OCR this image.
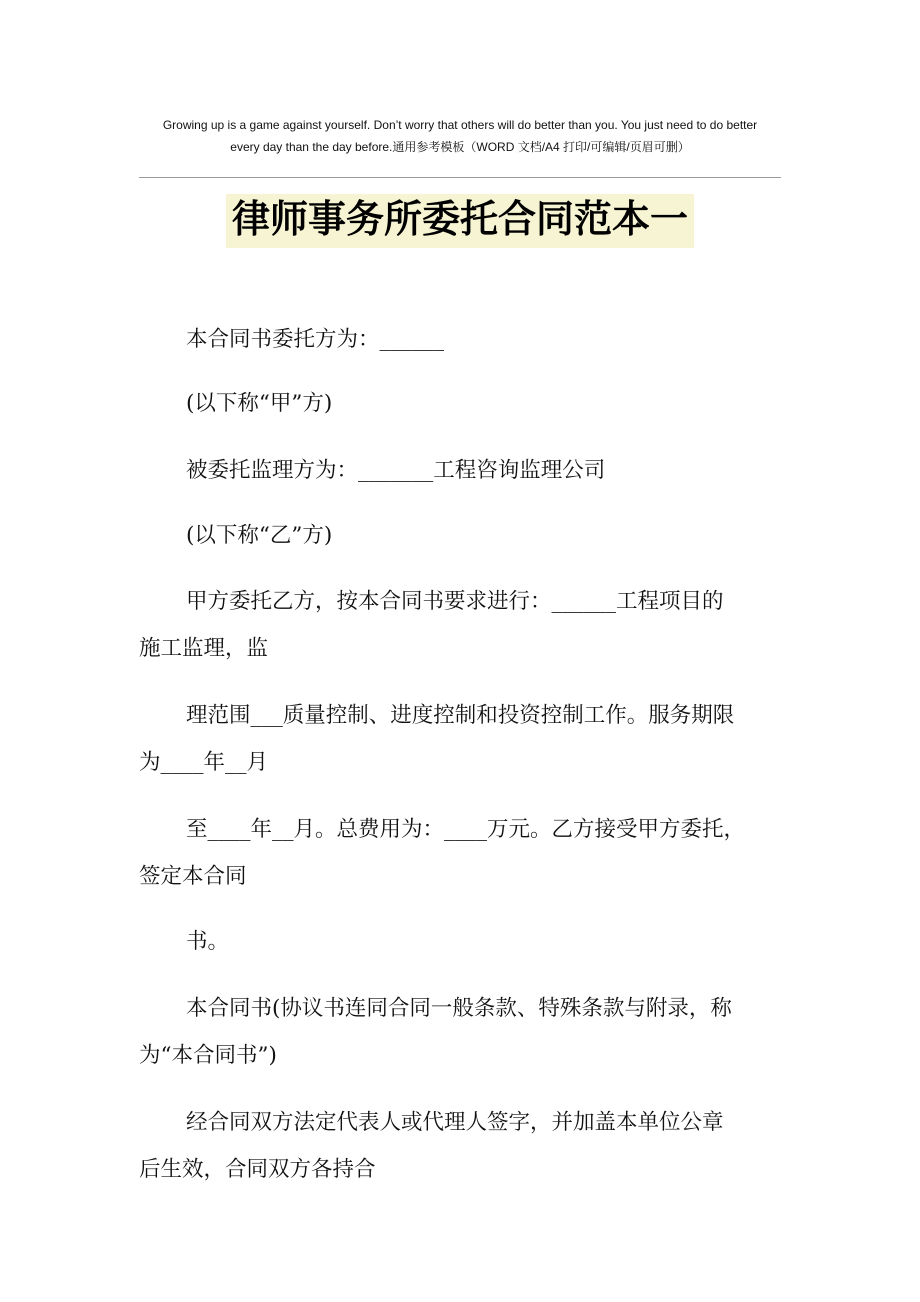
Growing up is a game against yourself. Don’t worry that others will do better than you. You just need to do better
every day than the day before.通用参考模板（WORD 文档/A4 打印/可编辑/页眉可删）
律师事务所委托合同范本一

本合同书委托方为：______

(以下称“甲”方)

被委托监理方为：_______工程咨询监理公司

(以下称“乙”方)

甲方委托乙方，按本合同书要求进行：______工程项目的
施工监理，监

理范围___质量控制、进度控制和投资控制工作。服务期限
为____年__月

至____年__月。总费用为：____万元。乙方接受甲方委托，
签定本合同

书。

本合同书(协议书连同合同一般条款、特殊条款与附录，称
为“本合同书”)

经合同双方法定代表人或代理人签字，并加盖本单位公章
后生效，合同双方各持合
